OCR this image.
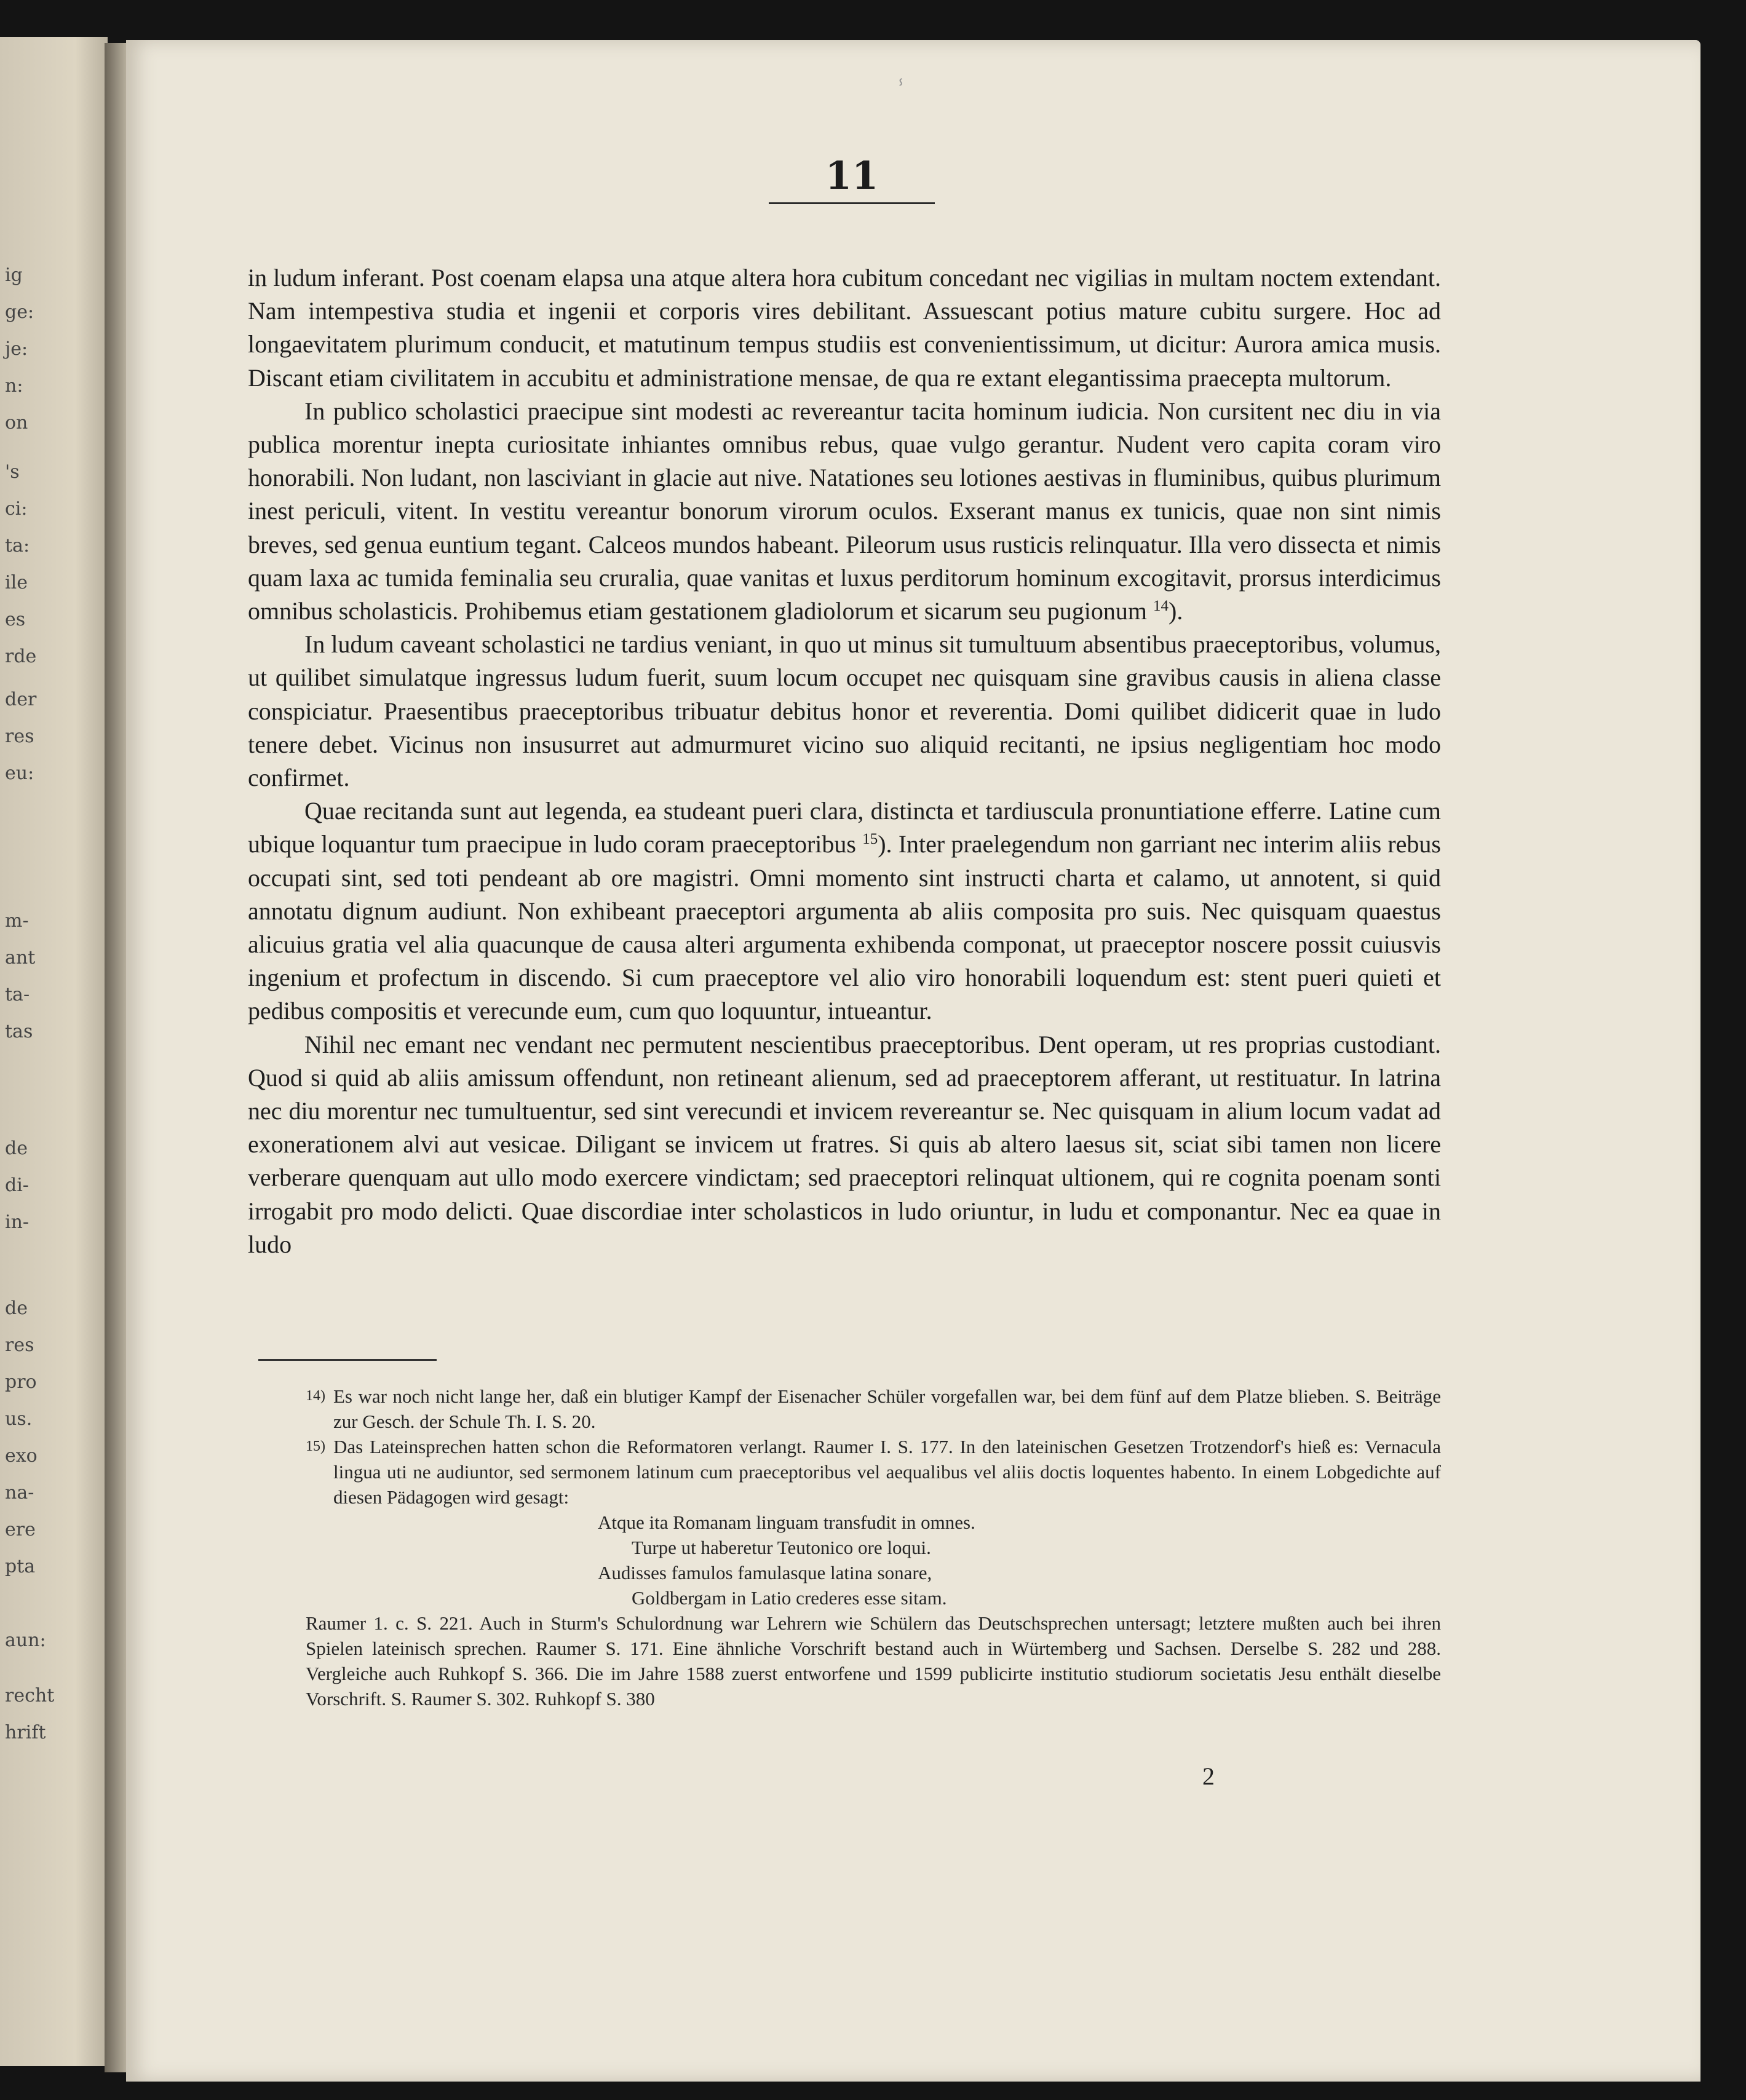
ig
ge:
je:
n:
on
's
ci:
ta:
ile
es
rde
der
res
eu:
m-
ant
ta-
tas
de
di-
in-
de
res
pro
us.
exo
na-
ere
pta
aun:
recht
hrift
ⸯ
11

in ludum inferant. Post coenam elapsa una atque altera hora cubitum concedant nec vigilias in multam noctem extendant. Nam intempestiva studia et ingenii et corporis vires debilitant. Assuescant potius mature cubitu surgere. Hoc ad longaevitatem plurimum conducit, et matutinum tempus studiis est convenientissimum, ut dicitur: Aurora amica musis. Discant etiam civilitatem in accubitu et administratione mensae, de qua re extant elegantissima praecepta multorum.

In publico scholastici praecipue sint modesti ac revereantur tacita hominum iudicia. Non cursitent nec diu in via publica morentur inepta curiositate inhiantes omnibus rebus, quae vulgo gerantur. Nudent vero capita coram viro honorabili. Non ludant, non lasciviant in glacie aut nive. Natationes seu lotiones aestivas in fluminibus, quibus plurimum inest periculi, vitent. In vestitu vereantur bonorum virorum oculos. Exserant manus ex tunicis, quae non sint nimis breves, sed genua euntium tegant. Calceos mundos habeant. Pileorum usus rusticis relinquatur. Illa vero dissecta et nimis quam laxa ac tumida feminalia seu cruralia, quae vanitas et luxus perditorum hominum excogitavit, prorsus interdicimus omnibus scholasticis. Prohibemus etiam gestationem gladiolorum et sicarum seu pugionum $^{14}$).

In ludum caveant scholastici ne tardius veniant, in quo ut minus sit tumultuum absentibus praeceptoribus, volumus, ut quilibet simulatque ingressus ludum fuerit, suum locum occupet nec quisquam sine gravibus causis in aliena classe conspiciatur. Praesentibus praeceptoribus tribuatur debitus honor et reverentia. Domi quilibet didicerit quae in ludo tenere debet. Vicinus non insusurret aut admurmuret vicino suo aliquid recitanti, ne ipsius negligentiam hoc modo confirmet.

Quae recitanda sunt aut legenda, ea studeant pueri clara, distincta et tardiuscula pronuntiatione efferre. Latine cum ubique loquantur tum praecipue in ludo coram praeceptoribus $^{15}$). Inter praelegendum non garriant nec interim aliis rebus occupati sint, sed toti pendeant ab ore magistri. Omni momento sint instructi charta et calamo, ut annotent, si quid annotatu dignum audiunt. Non exhibeant praeceptori argumenta ab aliis composita pro suis. Nec quisquam quaestus alicuius gratia vel alia quacunque de causa alteri argumenta exhibenda componat, ut praeceptor noscere possit cuiusvis ingenium et profectum in discendo. Si cum praeceptore vel alio viro honorabili loquendum est: stent pueri quieti et pedibus compositis et verecunde eum, cum quo loquuntur, intueantur.

Nihil nec emant nec vendant nec permutent nescientibus praeceptoribus. Dent operam, ut res proprias custodiant. Quod si quid ab aliis amissum offendunt, non retineant alienum, sed ad praeceptorem afferant, ut restituatur. In latrina nec diu morentur nec tumultuentur, sed sint verecundi et invicem revereantur se. Nec quisquam in alium locum vadat ad exonerationem alvi aut vesicae. Diligant se invicem ut fratres. Si quis ab altero laesus sit, sciat sibi tamen non licere verberare quenquam aut ullo modo exercere vindictam; sed praeceptori relinquat ultionem, qui re cognita poenam sonti irrogabit pro modo delicti. Quae discordiae inter scholasticos in ludo oriuntur, in ludu et componantur. Nec ea quae in ludo

14) Es war noch nicht lange her, daß ein blutiger Kampf der Eisenacher Schüler vorgefallen war, bei dem fünf auf dem Platze blieben. S. Beiträge zur Gesch. der Schule Th. I. S. 20.

15) Das Lateinsprechen hatten schon die Reformatoren verlangt. Raumer I. S. 177. In den lateinischen Gesetzen Trotzendorf's hieß es: Vernacula lingua uti ne audiuntor, sed sermonem latinum cum praeceptoribus vel aequalibus vel aliis doctis loquentes habento. In einem Lobgedichte auf diesen Pädagogen wird gesagt:

Atque ita Romanam linguam transfudit in omnes.

Turpe ut haberetur Teutonico ore loqui.

Audisses famulos famulasque latina sonare,

Goldbergam in Latio crederes esse sitam.

Raumer 1. c. S. 221. Auch in Sturm's Schulordnung war Lehrern wie Schülern das Deutschsprechen untersagt; letztere mußten auch bei ihren Spielen lateinisch sprechen. Raumer S. 171. Eine ähnliche Vorschrift bestand auch in Würtemberg und Sachsen. Derselbe S. 282 und 288. Vergleiche auch Ruhkopf S. 366. Die im Jahre 1588 zuerst entworfene und 1599 publicirte institutio studiorum societatis Jesu enthält dieselbe Vorschrift. S. Raumer S. 302. Ruhkopf S. 380

2
